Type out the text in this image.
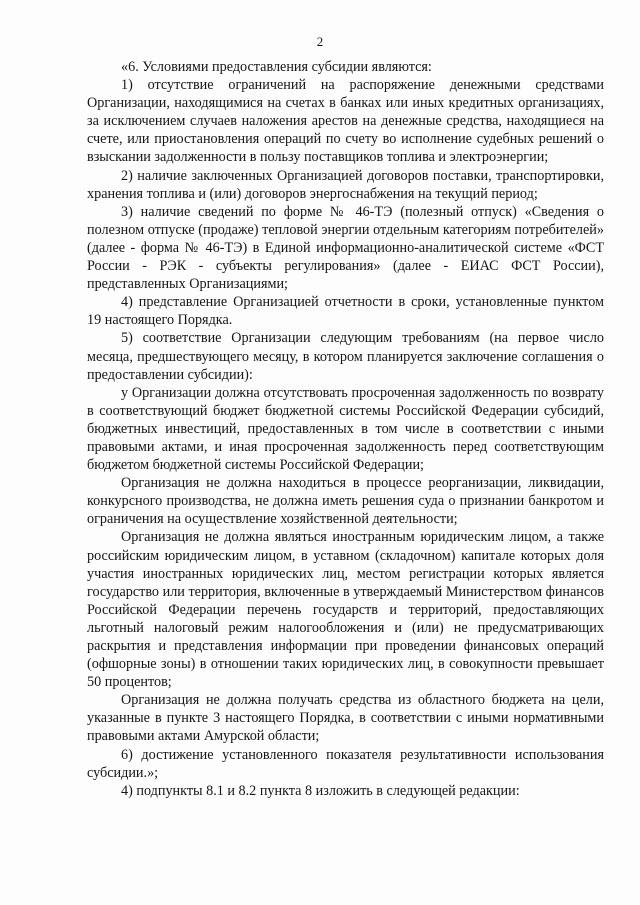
2

«6. Условиями предоставления субсидии являются:

1) отсутствие ограничений на распоряжение денежными средствами Организации, находящимися на счетах в банках или иных кредитных организациях, за исключением случаев наложения арестов на денежные средства, находящиеся на счете, или приостановления операций по счету во исполнение судебных решений о взыскании задолженности в пользу поставщиков топлива и электроэнергии;

2) наличие заключенных Организацией договоров поставки, транспортировки, хранения топлива и (или) договоров энергоснабжения на текущий период;

3) наличие сведений по форме № 46-ТЭ (полезный отпуск) «Сведения о полезном отпуске (продаже) тепловой энергии отдельным категориям потребителей» (далее - форма № 46-ТЭ) в Единой информационно-аналитической системе «ФСТ России - РЭК - субъекты регулирования» (далее - ЕИАС ФСТ России), представленных Организациями;

4) представление Организацией отчетности в сроки, установленные пунктом 19 настоящего Порядка.

5) соответствие Организации следующим требованиям (на первое число месяца, предшествующего месяцу, в котором планируется заключение соглашения о предоставлении субсидии):

у Организации должна отсутствовать просроченная задолженность по возврату в соответствующий бюджет бюджетной системы Российской Федерации субсидий, бюджетных инвестиций, предоставленных в том числе в соответствии с иными правовыми актами, и иная просроченная задолженность перед соответствующим бюджетом бюджетной системы Российской Федерации;

Организация не должна находиться в процессе реорганизации, ликвидации, конкурсного производства, не должна иметь решения суда о признании банкротом и ограничения на осуществление хозяйственной деятельности;

Организация не должна являться иностранным юридическим лицом, а также российским юридическим лицом, в уставном (складочном) капитале которых доля участия иностранных юридических лиц, местом регистрации которых является государство или территория, включенные в утверждаемый Министерством финансов Российской Федерации перечень государств и территорий, предоставляющих льготный налоговый режим налогообложения и (или) не предусматривающих раскрытия и представления информации при проведении финансовых операций (офшорные зоны) в отношении таких юридических лиц, в совокупности превышает 50 процентов;

Организация не должна получать средства из областного бюджета на цели, указанные в пункте 3 настоящего Порядка, в соответствии с иными нормативными правовыми актами Амурской области;

6) достижение установленного показателя результативности использования субсидии.»;

4) подпункты 8.1 и 8.2 пункта 8 изложить в следующей редакции:
